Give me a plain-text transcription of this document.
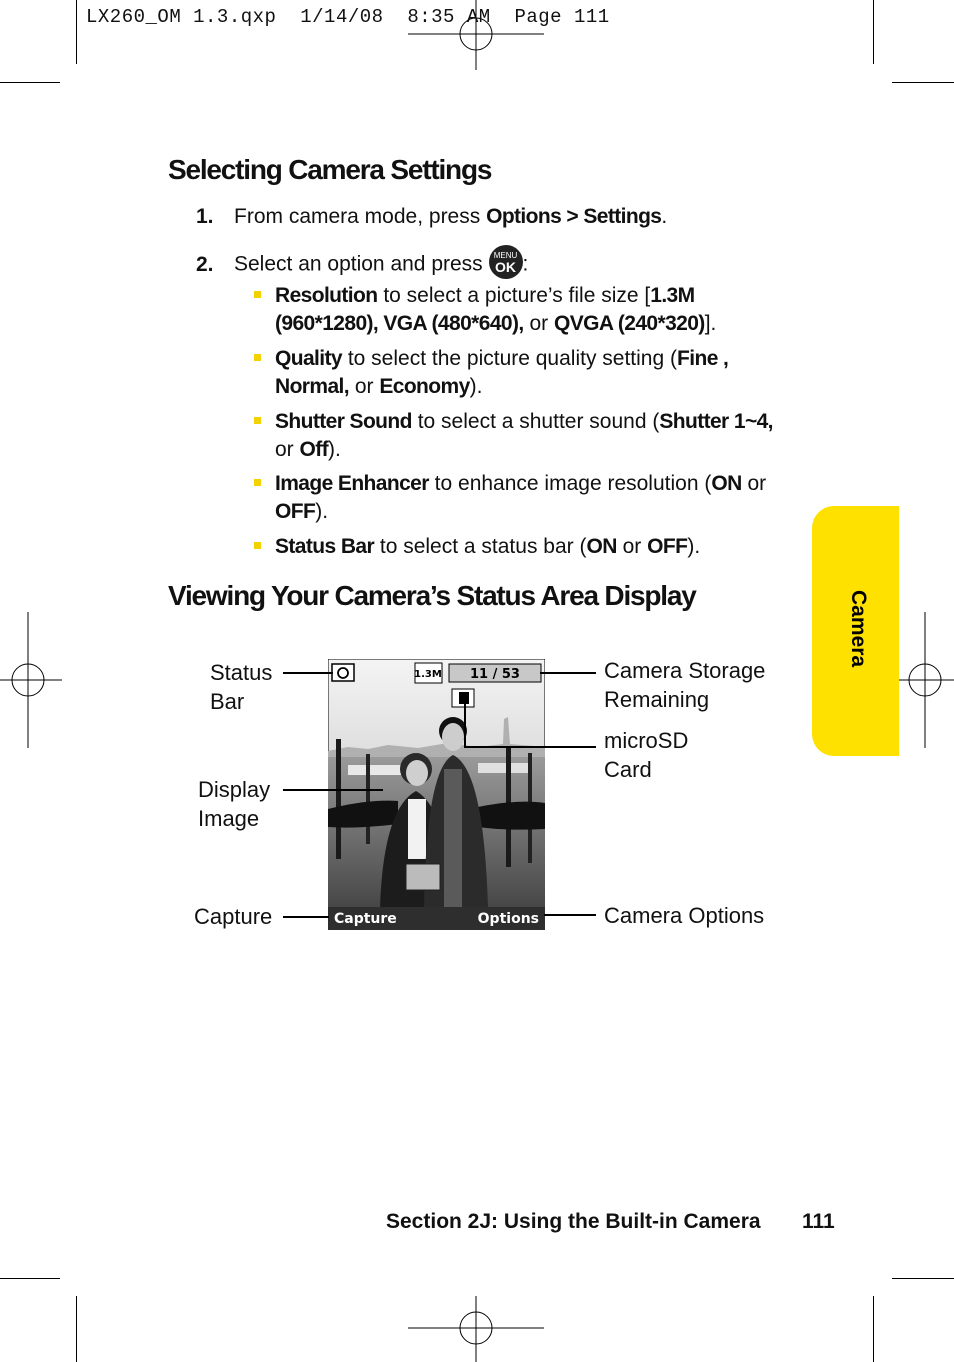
LX260_OM 1.3.qxp  1/14/08  8:35 AM  Page 111
Selecting Camera Settings
1. From camera mode, press Options > Settings.
2. Select an option and press MENU
OK :
Resolution to select a picture’s file size [1.3M (960*1280), VGA (480*640), or QVGA (240*320)].
Quality to select the picture quality setting (Fine , Normal, or Economy).
Shutter Sound to select a shutter sound (Shutter 1~4, or Off).
Image Enhancer to enhance image resolution (ON or OFF).
Status Bar to select a status bar (ON or OFF).
Viewing Your Camera’s Status Area Display
1.3M 11 / 53
Capture	Options
Status
Bar
Display
Image
Capture
Camera Storage
Remaining
microSD
Card
Camera Options
Camera
Section 2J: Using the Built-in Camera 111
